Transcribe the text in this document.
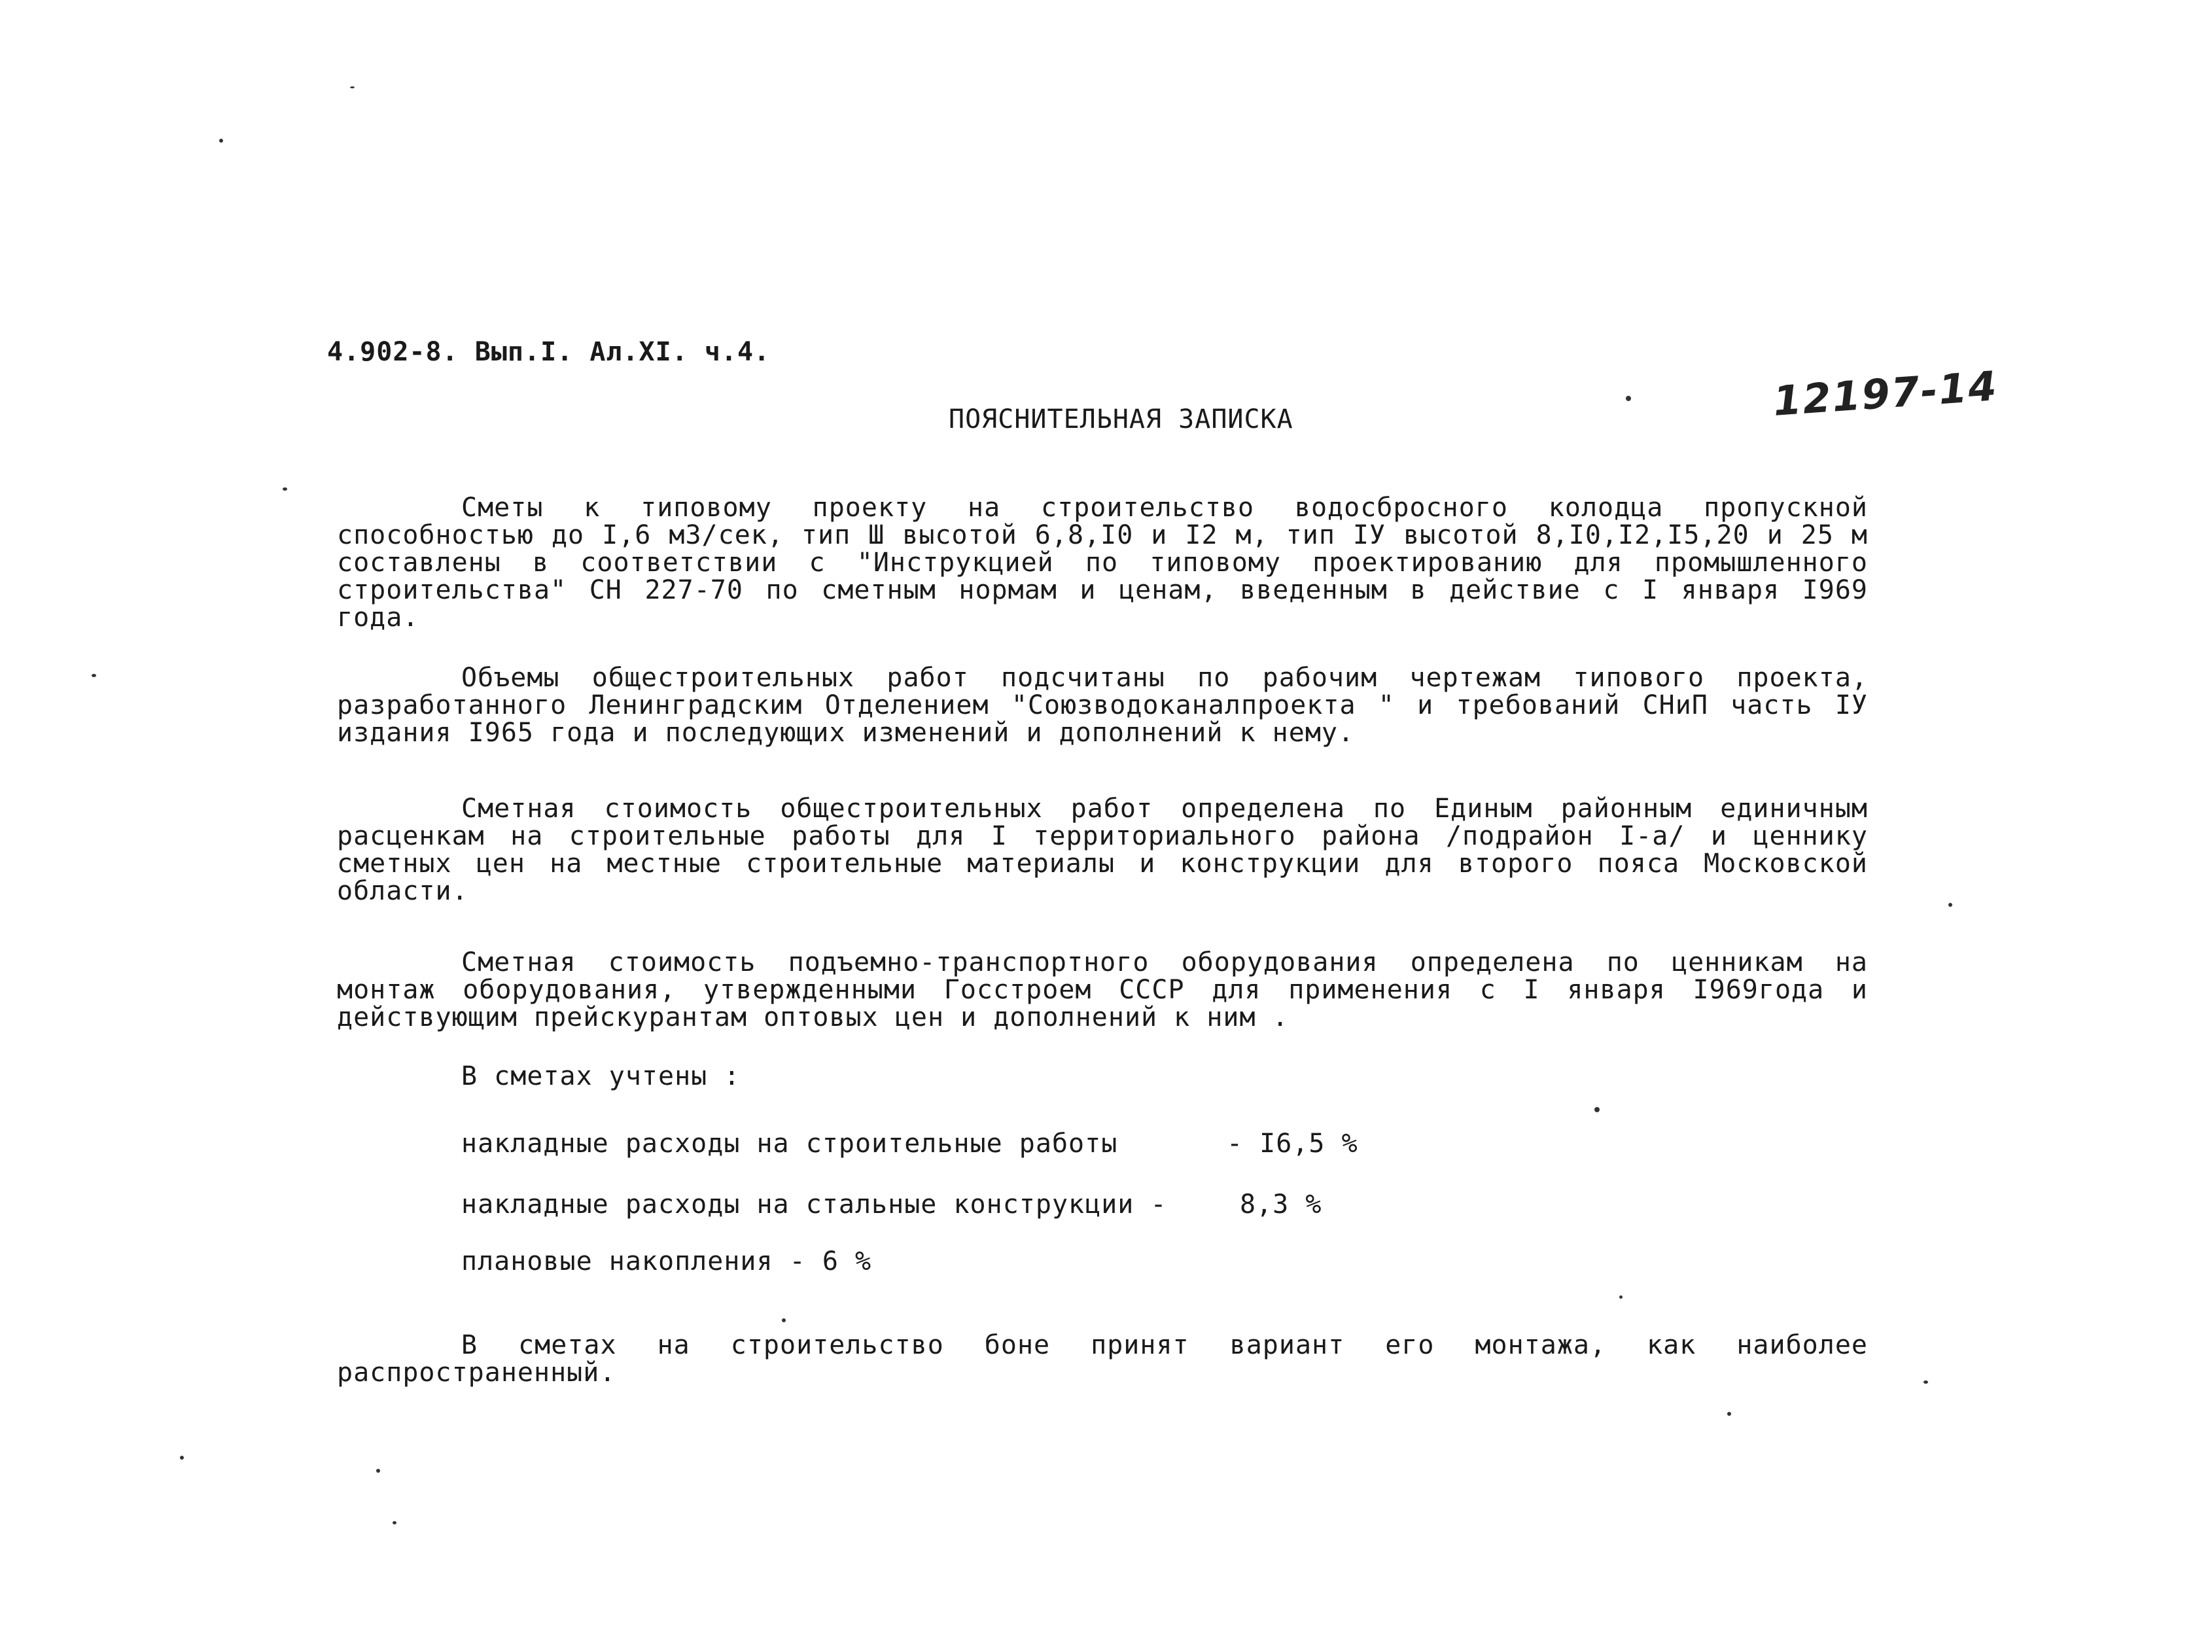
4.902-8. Вып.I. Ал.XI. ч.4.
12197-14
ПОЯСНИТЕЛЬНАЯ ЗАПИСКА
Сметы к типовому проекту на строительство водосбросного колодца пропускной способностью до I,6 м3/сек, тип Ш высотой 6,8,I0 и I2 м, тип IУ высотой 8,I0,I2,I5,20 и 25 м составлены в соответствии с "Инструкцией по типовому проектированию для промышленного строительства" СН 227-70 по сметным нормам и ценам, введенным в действие с I января I969 года.
Объемы общестроительных работ подсчитаны по рабочим чертежам типового проекта, разработанного Ленинградским Отделением "Союзводоканалпроекта " и требований СНиП часть IУ издания I965 года и последующих изменений и дополнений к нему.
Сметная стоимость общестроительных работ определена по Единым районным единичным расценкам на строительные работы для I территориального района /подрайон I-а/ и ценнику сметных цен на местные строительные материалы и конструкции для второго пояса Московской области.
Сметная стоимость подъемно-транспортного оборудования определена по ценникам на монтаж оборудования, утвержденными Госстроем СССР для применения с I января I969года и действующим прейскурантам оптовых цен и дополнений к ним .
В сметах учтены :
накладные расходы на строительные работы	- I6,5 %
накладные расходы на стальные конструкции -	8,3 %
плановые накопления - 6 %
В сметах на строительство боне принят вариант его монтажа, как наиболее распространенный.
